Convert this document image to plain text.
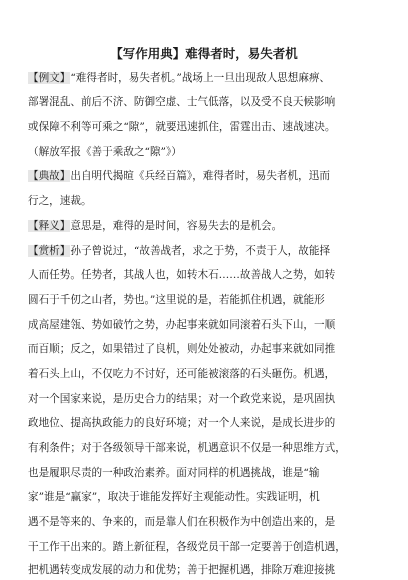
【写作用典】难得者时，易失者机
【例文】“难得者时，易失者机。”战场上一旦出现敌人思想麻痹、
部署混乱、前后不济、防御空虚、士气低落，以及受不良天候影响
或保障不利等可乘之“隙”，就要迅速抓住，雷霆出击、速战速决。
（解放军报《善于乘敌之“隙”》）
【典故】出自明代揭暄《兵经百篇》，难得者时，易失者机，迅而
行之，速裁。
【释义】意思是，难得的是时间，容易失去的是机会。
【赏析】孙子曾说过，“故善战者，求之于势，不责于人，故能择
人而任势。任势者，其战人也，如转木石……故善战人之势，如转
圆石于千仞之山者，势也。”这里说的是，若能抓住机遇，就能形
成高屋建瓴、势如破竹之势，办起事来就如同滚着石头下山，一顺
而百顺；反之，如果错过了良机，则处处被动，办起事来就如同推
着石头上山，不仅吃力不讨好，还可能被滚落的石头砸伤。机遇，
对一个国家来说，是历史合力的结果；对一个政党来说，是巩固执
政地位、提高执政能力的良好环境；对一个人来说，是成长进步的
有利条件；对于各级领导干部来说，机遇意识不仅是一种思维方式，
也是履职尽责的一种政治素养。面对同样的机遇挑战，谁是“输
家”谁是“赢家”，取决于谁能发挥好主观能动性。实践证明，机
遇不是等来的、争来的，而是靠人们在积极作为中创造出来的，是
干工作干出来的。踏上新征程，各级党员干部一定要善于创造机遇，
把机遇转变成发展的动力和优势；善于把握机遇，排除万难迎接挑
